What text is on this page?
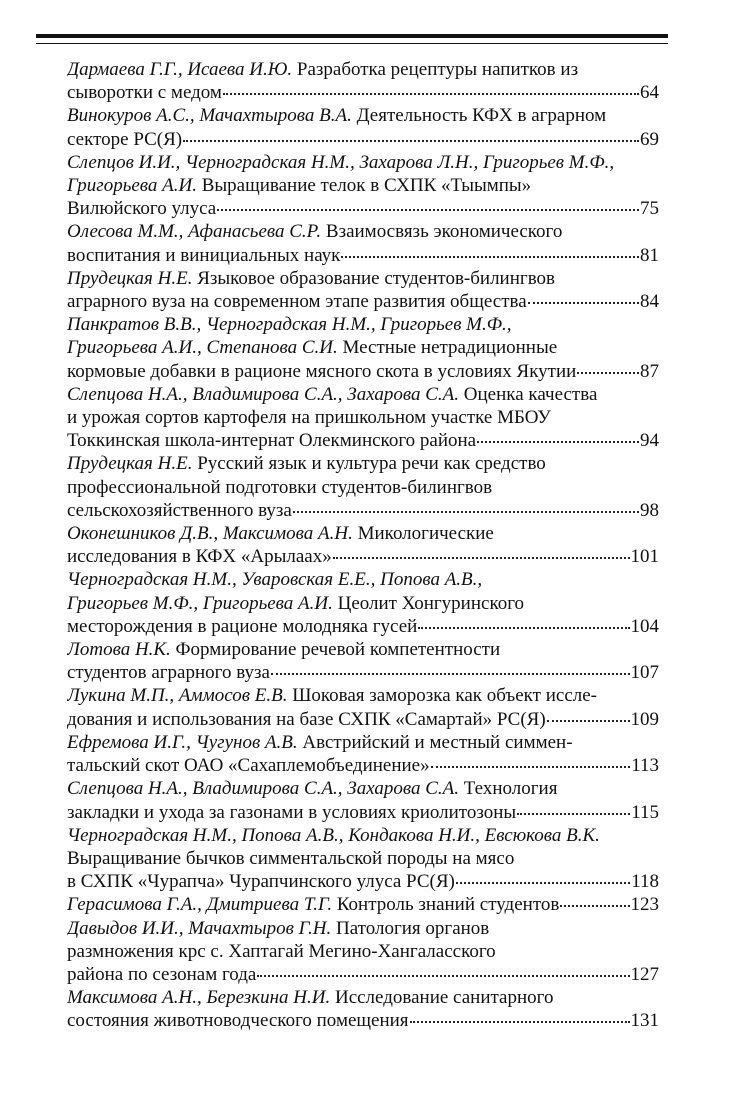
Дармаева Г.Г., Исаева И.Ю. Разработка рецептуры напитков из
сыворотки с медом	64
Винокуров А.С., Мачахтырова В.А. Деятельность КФХ в аграрном
секторе РС(Я)	69
Слепцов И.И., Черноградская Н.М., Захарова Л.Н., Григорьев М.Ф.,
Григорьева А.И. Выращивание телок в СХПК «Тыымпы»
Вилюйского улуса	75
Олесова М.М., Афанасьева С.Р. Взаимосвязь экономического
воспитания и винициальных наук	81
Прудецкая Н.Е. Языковое образование студентов-билингвов
аграрного вуза на современном этапе развития общества	84
Панкратов В.В., Черноградская Н.М., Григорьев М.Ф.,
Григорьева А.И., Степанова С.И. Местные нетрадиционные
кормовые добавки в рационе мясного скота в условиях Якутии	87
Слепцова Н.А., Владимирова С.А., Захарова С.А. Оценка качества
и урожая сортов картофеля на пришкольном участке МБОУ
Токкинская школа-интернат Олекминского района	94
Прудецкая Н.Е. Русский язык и культура речи как средство
профессиональной подготовки студентов-билингвов
сельскохозяйственного вуза	98
Оконешников Д.В., Максимова А.Н. Микологические
исследования в КФХ «Арылаах»	101
Черноградская Н.М., Уваровская Е.Е., Попова А.В.,
Григорьев М.Ф., Григорьева А.И. Цеолит Хонгуринского
месторождения в рационе молодняка гусей	104
Лотова Н.К. Формирование речевой компетентности
студентов аграрного вуза	107
Лукина М.П., Аммосов Е.В. Шоковая заморозка как объект иссле-
дования и использования на базе СХПК «Самартай» РС(Я)	109
Ефремова И.Г., Чугунов А.В. Австрийский и местный симмен-
тальский скот ОАО «Сахаплемобъединение»	113
Слепцова Н.А., Владимирова С.А., Захарова С.А. Технология
закладки и ухода за газонами в условиях криолитозоны	115
Черноградская Н.М., Попова А.В., Кондакова Н.И., Евсюкова В.К.
Выращивание бычков симментальской породы на мясо
в СХПК «Чурапча» Чурапчинского улуса РС(Я)	118
Герасимова Г.А., Дмитриева Т.Г. Контроль знаний студентов	123
Давыдов И.И., Мачахтыров Г.Н. Патология органов
размножения крс с. Хаптагай Мегино-Хангаласского
района по сезонам года	127
Максимова А.Н., Березкина Н.И. Исследование санитарного
состояния животноводческого помещения	131
